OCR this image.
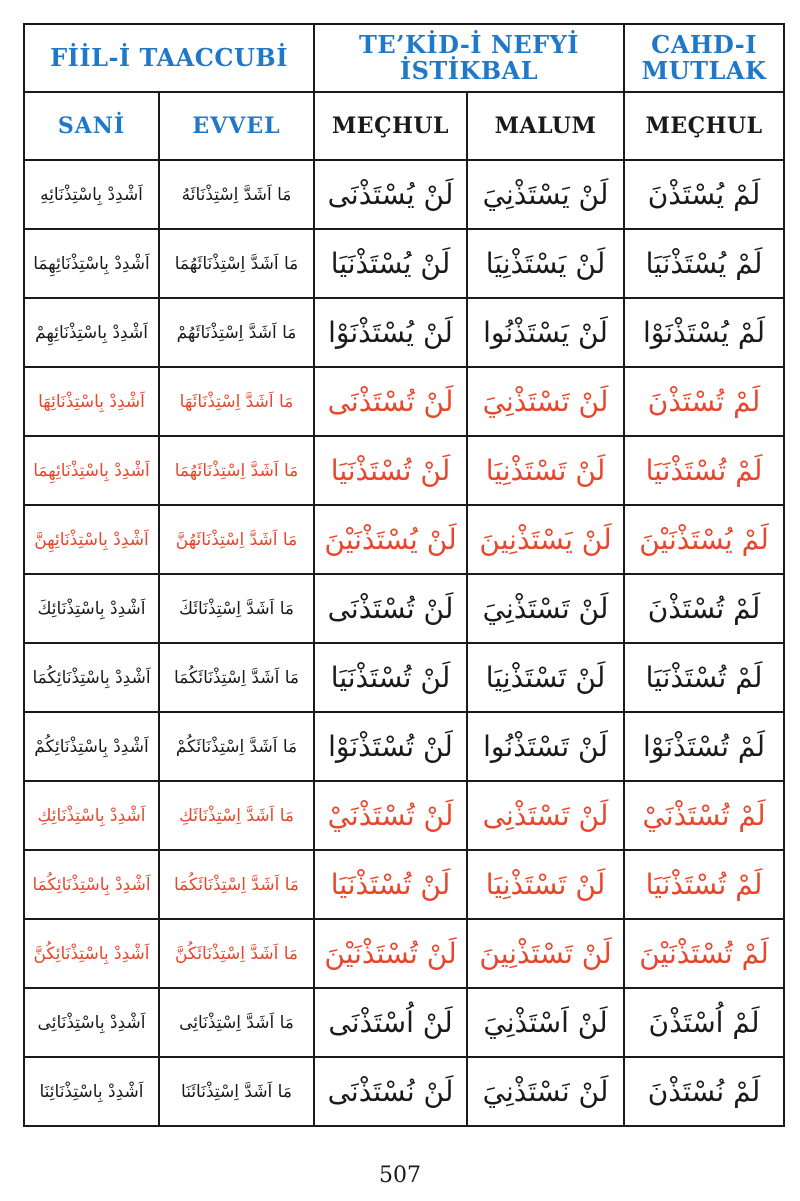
FİİL-İ TAACCUBİ		TE’KİD-İ NEFYİ İSTİKBAL		CAHD-I MUTLAK
SANİ	EVVEL	MEÇHUL	MALUM	MEÇHUL
اَشْدِدْ بِاسْتِذْنَائِهِ	مَا اَشَدَّ اِسْتِذْنَائَهُ	لَنْ يُسْتَذْنَى	لَنْ يَسْتَذْنِيَ	لَمْ يُسْتَذْنَ
اَشْدِدْ بِاسْتِذْنَائِهِمَا	مَا اَشَدَّ اِسْتِذْنَائَهُمَا	لَنْ يُسْتَذْنَيَا	لَنْ يَسْتَذْنِيَا	لَمْ يُسْتَذْنَيَا
اَشْدِدْ بِاسْتِذْنَائِهِمْ	مَا اَشَدَّ اِسْتِذْنَائَهُمْ	لَنْ يُسْتَذْنَوْا	لَنْ يَسْتَذْنُوا	لَمْ يُسْتَذْنَوْا
اَشْدِدْ بِاسْتِذْنَائِهَا	مَا اَشَدَّ اِسْتِذْنَائَهَا	لَنْ تُسْتَذْنَى	لَنْ تَسْتَذْنِيَ	لَمْ تُسْتَذْنَ
اَشْدِدْ بِاسْتِذْنَائِهِمَا	مَا اَشَدَّ اِسْتِذْنَائَهُمَا	لَنْ تُسْتَذْنَيَا	لَنْ تَسْتَذْنِيَا	لَمْ تُسْتَذْنَيَا
اَشْدِدْ بِاسْتِذْنَائِهِنَّ	مَا اَشَدَّ اِسْتِذْنَائَهُنَّ	لَنْ يُسْتَذْنَيْنَ	لَنْ يَسْتَذْنِينَ	لَمْ يُسْتَذْنَيْنَ
اَشْدِدْ بِاسْتِذْنَائِكَ	مَا اَشَدَّ اِسْتِذْنَائَكَ	لَنْ تُسْتَذْنَى	لَنْ تَسْتَذْنِيَ	لَمْ تُسْتَذْنَ
اَشْدِدْ بِاسْتِذْنَائِكُمَا	مَا اَشَدَّ اِسْتِذْنَائَكُمَا	لَنْ تُسْتَذْنَيَا	لَنْ تَسْتَذْنِيَا	لَمْ تُسْتَذْنَيَا
اَشْدِدْ بِاسْتِذْنَائِكُمْ	مَا اَشَدَّ اِسْتِذْنَائَكُمْ	لَنْ تُسْتَذْنَوْا	لَنْ تَسْتَذْنُوا	لَمْ تُسْتَذْنَوْا
اَشْدِدْ بِاسْتِذْنَائِكِ	مَا اَشَدَّ اِسْتِذْنَائَكِ	لَنْ تُسْتَذْنَيْ	لَنْ تَسْتَذْنِى	لَمْ تُسْتَذْنَيْ
اَشْدِدْ بِاسْتِذْنَائِكُمَا	مَا اَشَدَّ اِسْتِذْنَائَكُمَا	لَنْ تُسْتَذْنَيَا	لَنْ تَسْتَذْنِيَا	لَمْ تُسْتَذْنَيَا
اَشْدِدْ بِاسْتِذْنَائِكُنَّ	مَا اَشَدَّ اِسْتِذْنَائَكُنَّ	لَنْ تُسْتَذْنَيْنَ	لَنْ تَسْتَذْنِينَ	لَمْ تُسْتَذْنَيْنَ
اَشْدِدْ بِاسْتِذْنَائِى	مَا اَشَدَّ اِسْتِذْنَائِى	لَنْ اُسْتَذْنَى	لَنْ اَسْتَذْنِيَ	لَمْ اُسْتَذْنَ
اَشْدِدْ بِاسْتِذْنَائِنَا	مَا اَشَدَّ اِسْتِذْنَائَنَا	لَنْ نُسْتَذْنَى	لَنْ نَسْتَذْنِيَ	لَمْ نُسْتَذْنَ
507
